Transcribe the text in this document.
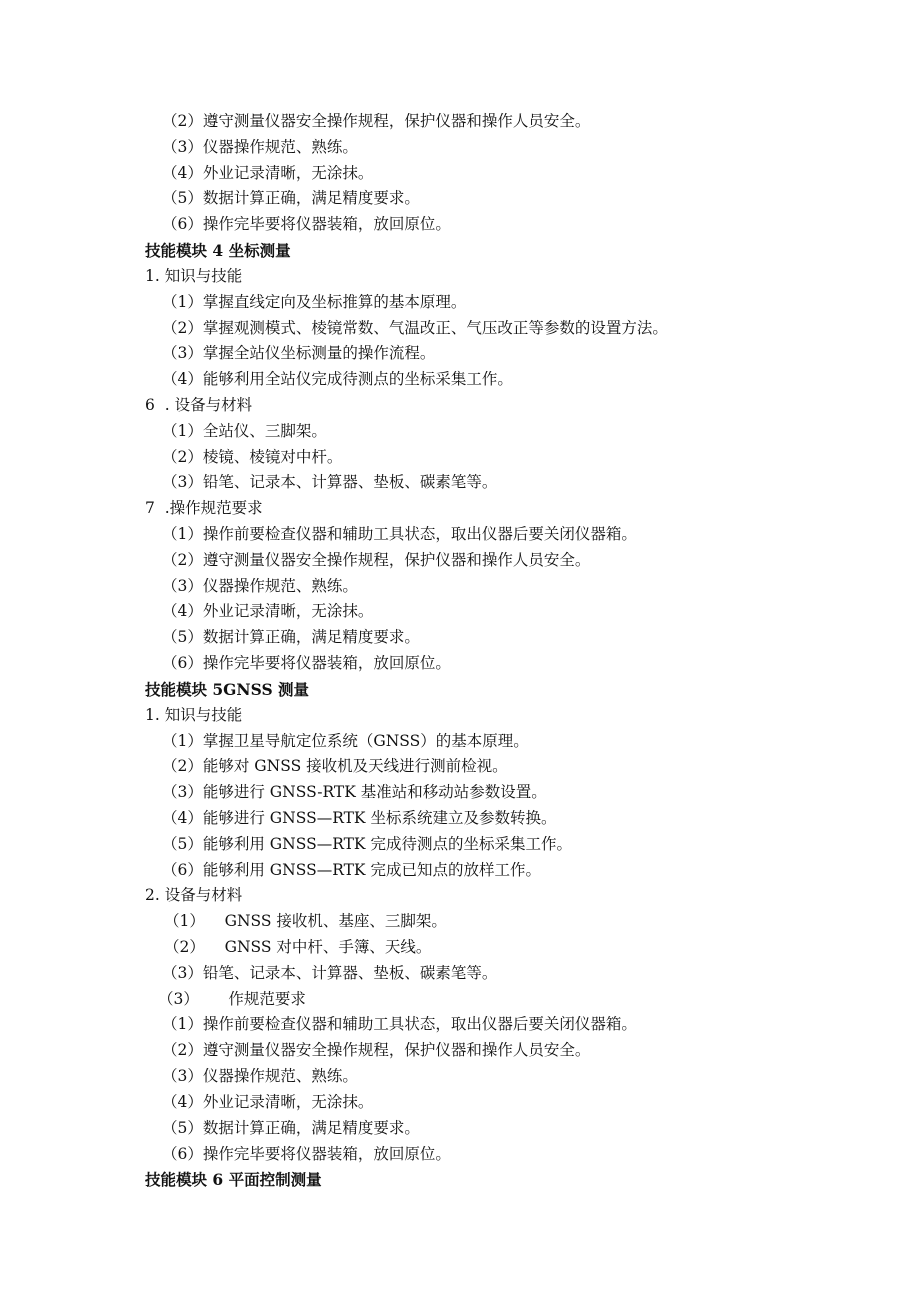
（2）遵守测量仪器安全操作规程，保护仪器和操作人员安全。
（3）仪器操作规范、熟练。
（4）外业记录清晰，无涂抹。
（5）数据计算正确，满足精度要求。
（6）操作完毕要将仪器装箱，放回原位。
技能模块 4 坐标测量
1. 知识与技能
（1）掌握直线定向及坐标推算的基本原理。
（2）掌握观测模式、棱镜常数、气温改正、气压改正等参数的设置方法。
（3）掌握全站仪坐标测量的操作流程。
（4）能够利用全站仪完成待测点的坐标采集工作。
6  . 设备与材料
（1）全站仪、三脚架。
（2）棱镜、棱镜对中杆。
（3）铅笔、记录本、计算器、垫板、碳素笔等。
7  .操作规范要求
（1）操作前要检查仪器和辅助工具状态，取出仪器后要关闭仪器箱。
（2）遵守测量仪器安全操作规程，保护仪器和操作人员安全。
（3）仪器操作规范、熟练。
（4）外业记录清晰，无涂抹。
（5）数据计算正确，满足精度要求。
（6）操作完毕要将仪器装箱，放回原位。
技能模块 5GNSS 测量
1. 知识与技能
（1）掌握卫星导航定位系统（GNSS）的基本原理。
（2）能够对 GNSS 接收机及天线进行测前检视。
（3）能够进行 GNSS-RTK 基准站和移动站参数设置。
（4）能够进行 GNSS—RTK 坐标系统建立及参数转换。
（5）能够利用 GNSS—RTK 完成待测点的坐标采集工作。
（6）能够利用 GNSS—RTK 完成已知点的放样工作。
2. 设备与材料
（1）    GNSS 接收机、基座、三脚架。
（2）    GNSS 对中杆、手簿、天线。
（3）铅笔、记录本、计算器、垫板、碳素笔等。
（3）      作规范要求
（1）操作前要检查仪器和辅助工具状态，取出仪器后要关闭仪器箱。
（2）遵守测量仪器安全操作规程，保护仪器和操作人员安全。
（3）仪器操作规范、熟练。
（4）外业记录清晰，无涂抹。
（5）数据计算正确，满足精度要求。
（6）操作完毕要将仪器装箱，放回原位。
技能模块 6 平面控制测量
